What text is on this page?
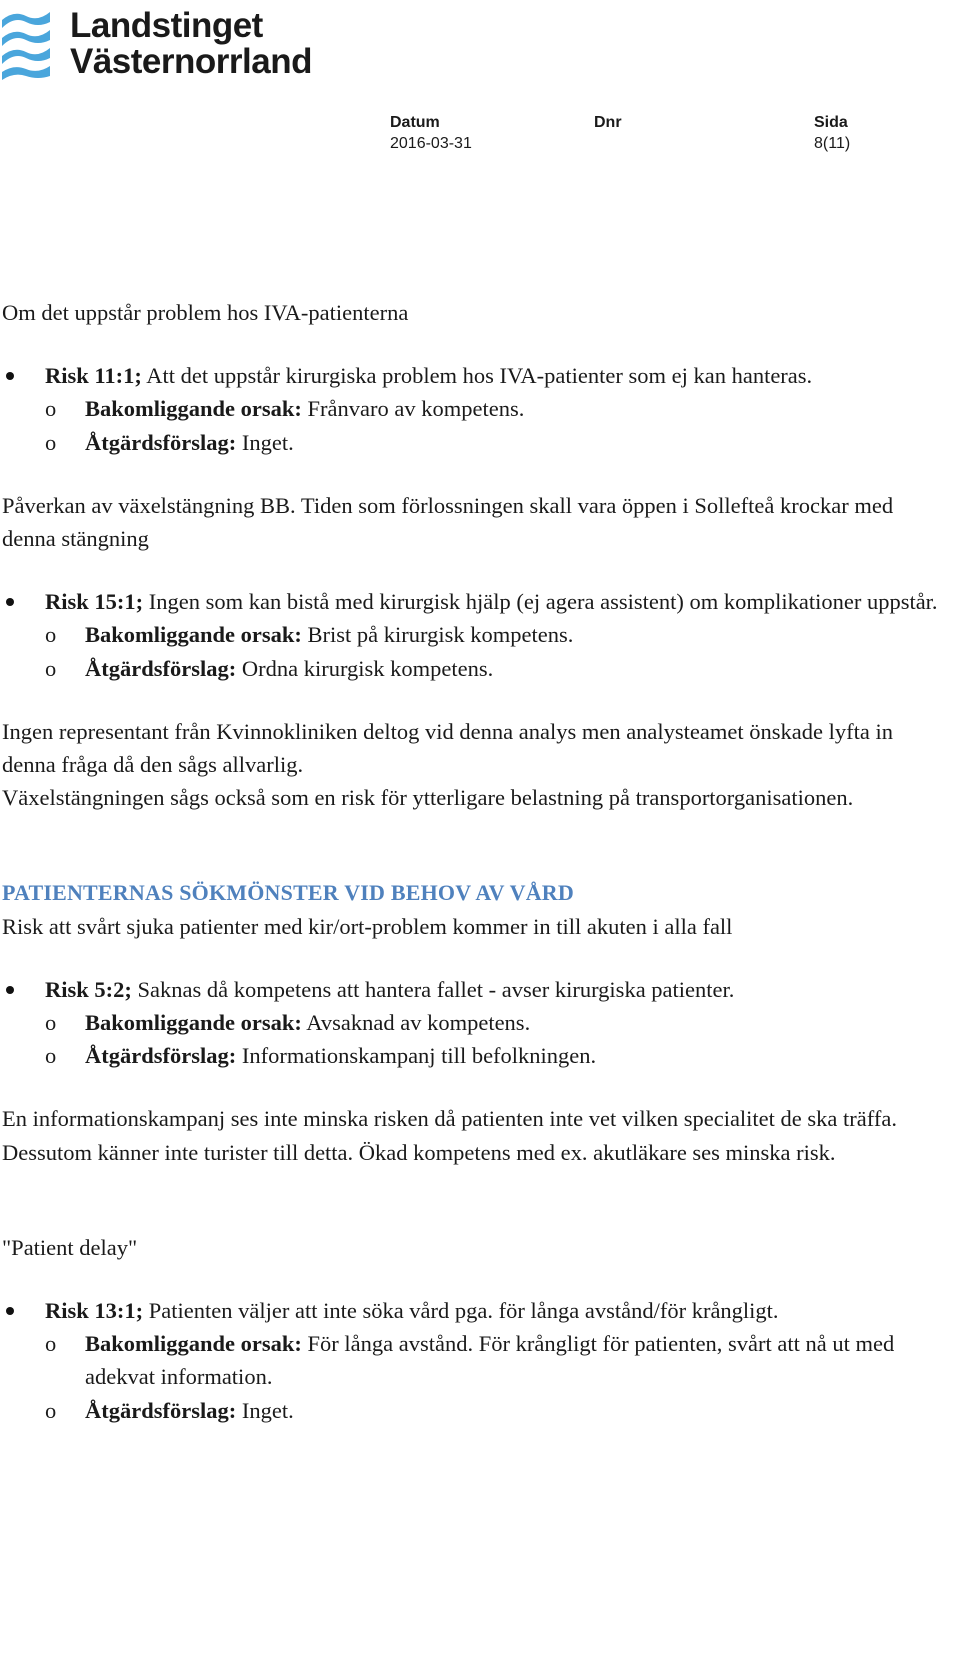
Landstinget
Västernorrland
Datum
2016-03-31
Dnr	Sida
8(11)

Om det uppstår problem hos IVA-patienterna

Risk 11:1; Att det uppstår kirurgiska problem hos IVA-patienter som ej kan hanteras.
o Bakomliggande orsak: Frånvaro av kompetens.
o Åtgärdsförslag: Inget.

Påverkan av växelstängning BB. Tiden som förlossningen skall vara öppen i Sollefteå krockar med denna stängning

Risk 15:1; Ingen som kan bistå med kirurgisk hjälp (ej agera assistent) om komplikationer uppstår.
o Bakomliggande orsak: Brist på kirurgisk kompetens.
o Åtgärdsförslag: Ordna kirurgisk kompetens.

Ingen representant från Kvinnokliniken deltog vid denna analys men analysteamet önskade lyfta in denna fråga då den sågs allvarlig.

Växelstängningen sågs också som en risk för ytterligare belastning på transportorganisationen.

PATIENTERNAS SÖKMÖNSTER VID BEHOV AV VÅRD

Risk att svårt sjuka patienter med kir/ort-problem kommer in till akuten i alla fall

Risk 5:2; Saknas då kompetens att hantera fallet - avser kirurgiska patienter.
o Bakomliggande orsak: Avsaknad av kompetens.
o Åtgärdsförslag: Informationskampanj till befolkningen.

En informationskampanj ses inte minska risken då patienten inte vet vilken specialitet de ska träffa. Dessutom känner inte turister till detta. Ökad kompetens med ex. akutläkare ses minska risk.

"Patient delay"

Risk 13:1; Patienten väljer att inte söka vård pga. för långa avstånd/för krångligt.
o Bakomliggande orsak: För långa avstånd. För krångligt för patienten, svårt att nå ut med adekvat information.
o Åtgärdsförslag: Inget.
